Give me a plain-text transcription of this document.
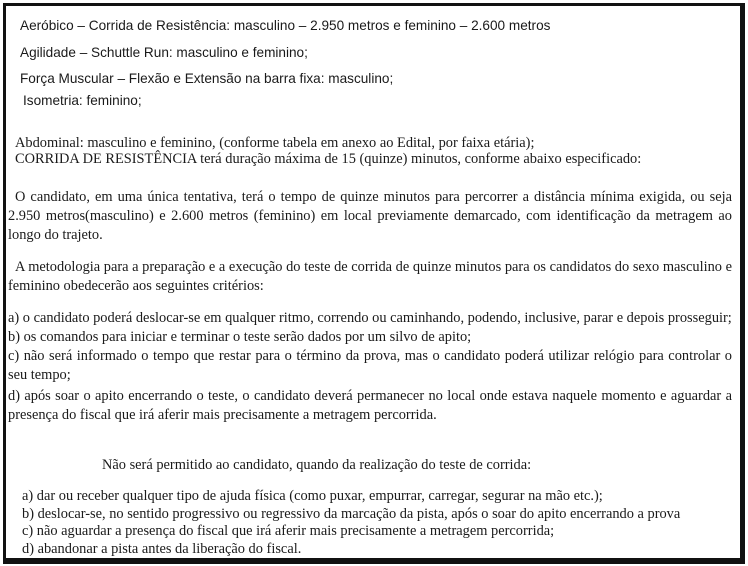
Aeróbico – Corrida de Resistência: masculino – 2.950 metros e feminino – 2.600 metros
Agilidade – Schuttle Run: masculino e feminino;
Força Muscular – Flexão e Extensão na barra fixa: masculino;
Isometria: feminino;
Abdominal: masculino e feminino, (conforme tabela em anexo ao Edital, por faixa etária);
CORRIDA DE RESISTÊNCIA terá duração máxima de 15 (quinze) minutos, conforme abaixo especificado:
O candidato, em uma única tentativa, terá o tempo de quinze minutos para percorrer a distância mínima exigida, ou seja 2.950 metros(masculino) e 2.600 metros (feminino) em local previamente demarcado, com identificação da metragem ao longo do trajeto.
A metodologia para a preparação e a execução do teste de corrida de quinze minutos para os candidatos do sexo masculino e feminino obedecerão aos seguintes critérios:
a) o candidato poderá deslocar-se em qualquer ritmo, correndo ou caminhando, podendo, inclusive, parar e depois prosseguir;
b) os comandos para iniciar e terminar o teste serão dados por um silvo de apito;
c) não será informado o tempo que restar para o término da prova, mas o candidato poderá utilizar relógio para controlar o seu tempo;
d) após soar o apito encerrando o teste, o candidato deverá permanecer no local onde estava naquele momento e aguardar a presença do fiscal que irá aferir mais precisamente a metragem percorrida.
Não será permitido ao candidato, quando da realização do teste de corrida:
a) dar ou receber qualquer tipo de ajuda física (como puxar, empurrar, carregar, segurar na mão etc.);
b) deslocar-se, no sentido progressivo ou regressivo da marcação da pista, após o soar do apito encerrando a prova
c) não aguardar a presença do fiscal que irá aferir mais precisamente a metragem percorrida;
d) abandonar a pista antes da liberação do fiscal.
